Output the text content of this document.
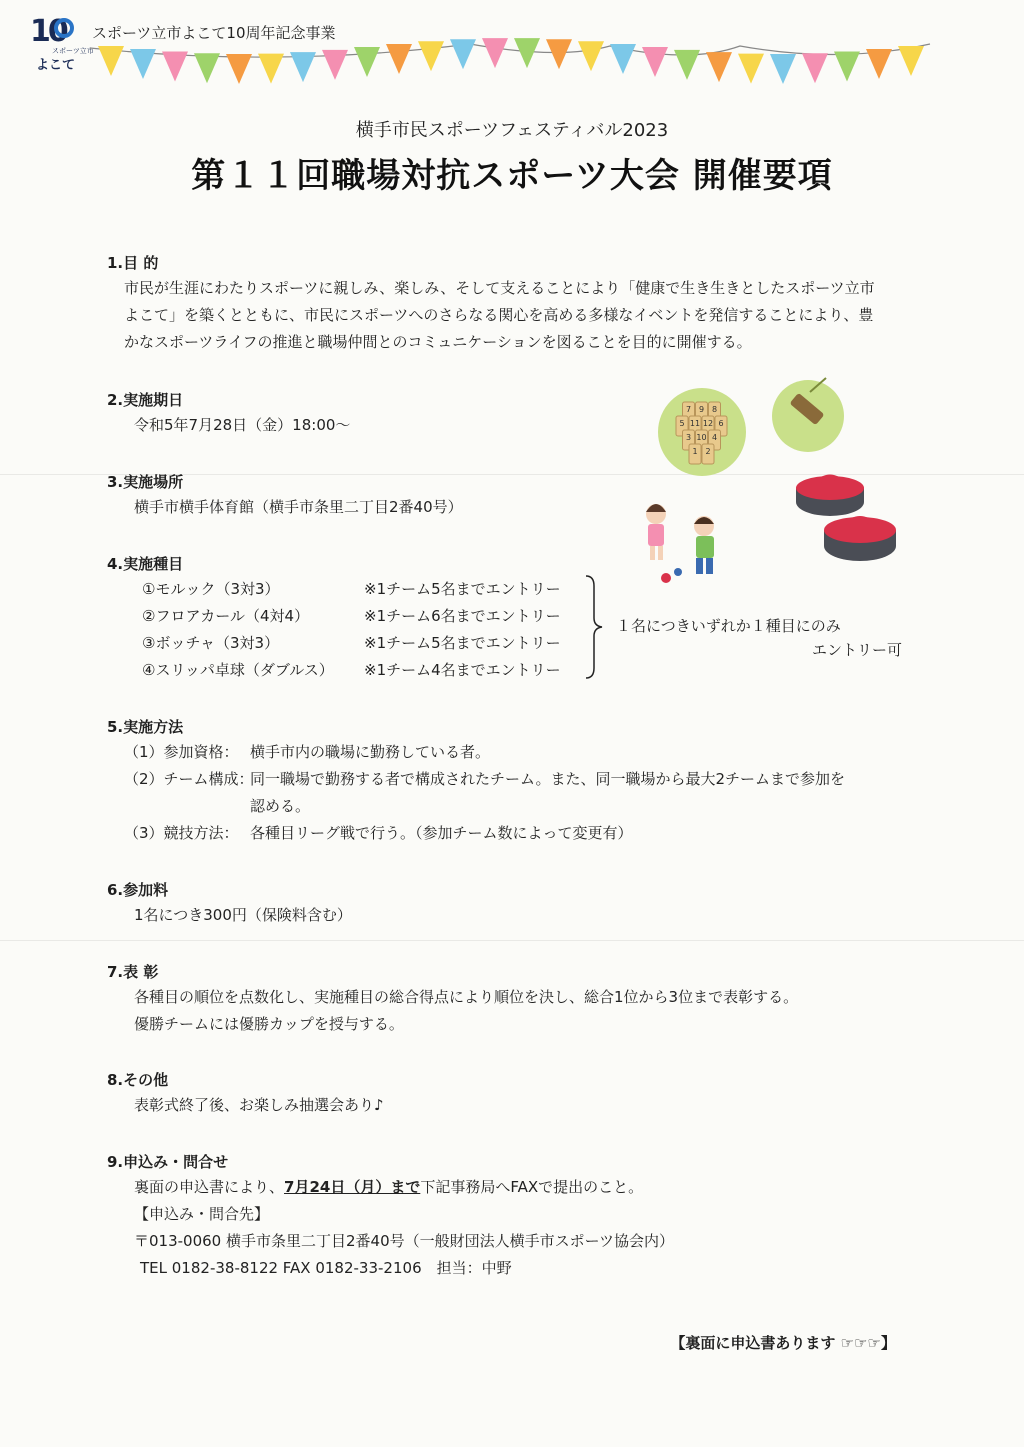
10
スポーツ立市
よこて
スポーツ立市よこて10周年記念事業
横手市民スポーツフェスティバル2023
第１１回職場対抗スポーツ大会 開催要項
1.目 的
市民が生涯にわたりスポーツに親しみ、楽しみ、そして支えることにより「健康で生き生きとしたスポーツ立市
よこて」を築くとともに、市民にスポーツへのさらなる関心を高める多様なイベントを発信することにより、豊
かなスポーツライフの推進と職場仲間とのコミュニケーションを図ることを目的に開催する。
2.実施期日
令和5年7月28日（金）18:00～
3.実施場所
横手市横手体育館（横手市条里二丁目2番40号）
7 9 8
5 11 12 6
3 10 4
1 2
4.実施種目
①モルック（3対3）	※1チーム5名までエントリー
②フロアカール（4対4）	※1チーム6名までエントリー
③ボッチャ（3対3）	※1チーム5名までエントリー
④スリッパ卓球（ダブルス） ※1チーム4名までエントリー
１名につきいずれか１種目にのみ
エントリー可
5.実施方法
（1）参加資格： 横手市内の職場に勤務している者。
（2）チーム構成：
同一職場で勤務する者で構成されたチーム。また、同一職場から最大2チームまで参加を
認める。
（3）競技方法： 各種目リーグ戦で行う。（参加チーム数によって変更有）
6.参加料
1名につき300円（保険料含む）
7.表 彰
各種目の順位を点数化し、実施種目の総合得点により順位を決し、総合1位から3位まで表彰する。
優勝チームには優勝カップを授与する。
8.その他
表彰式終了後、お楽しみ抽選会あり♪
9.申込み・問合せ
裏面の申込書により、7月24日（月）まで下記事務局へFAXで提出のこと。
【申込み・問合先】
〒013-0060 横手市条里二丁目2番40号（一般財団法人横手市スポーツ協会内）
TEL 0182-38-8122 FAX 0182-33-2106　担当：中野
【裏面に申込書あります ☞☞☞】
